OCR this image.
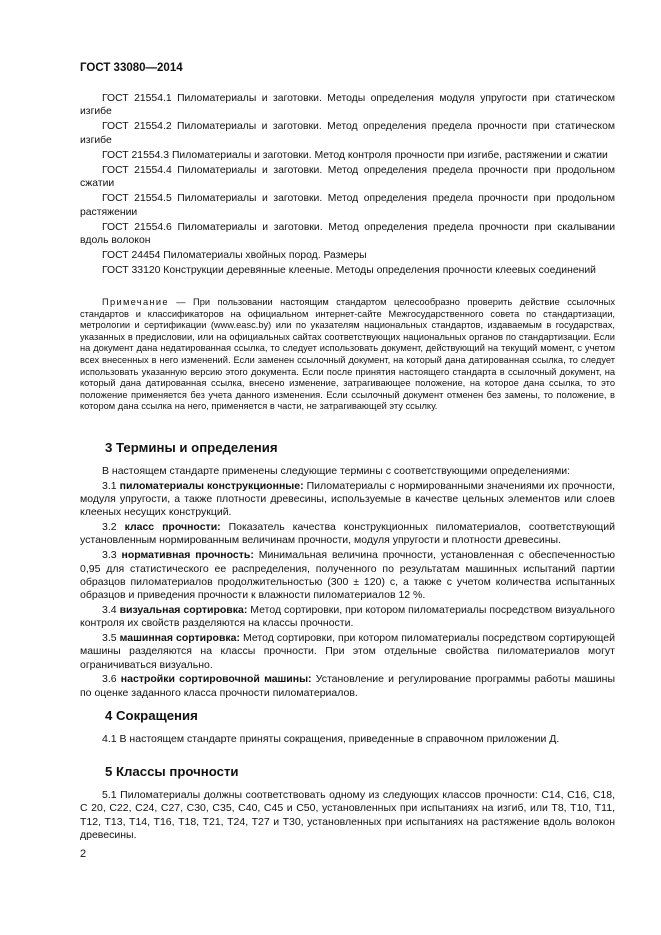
ГОСТ 33080—2014

ГОСТ 21554.1 Пиломатериалы и заготовки. Методы определения модуля упругости при статическом изгибе

ГОСТ 21554.2 Пиломатериалы и заготовки. Метод определения предела прочности при статическом изгибе

ГОСТ 21554.3 Пиломатериалы и заготовки. Метод контроля прочности при изгибе, растяжении и сжатии

ГОСТ 21554.4 Пиломатериалы и заготовки. Метод определения предела прочности при продольном сжатии

ГОСТ 21554.5 Пиломатериалы и заготовки. Метод определения предела прочности при продольном растяжении

ГОСТ 21554.6 Пиломатериалы и заготовки. Метод определения предела прочности при скалывании вдоль волокон

ГОСТ 24454 Пиломатериалы хвойных пород. Размеры

ГОСТ 33120 Конструкции деревянные клееные. Методы определения прочности клеевых соединений

Примечание — При пользовании настоящим стандартом целесообразно проверить действие ссылочных стандартов и классификаторов на официальном интернет-сайте Межгосударственного совета по стандартизации, метрологии и сертификации (www.easc.by) или по указателям национальных стандартов, издаваемым в государствах, указанных в предисловии, или на официальных сайтах соответствующих национальных органов по стандартизации. Если на документ дана недатированная ссылка, то следует использовать документ, действующий на текущий момент, с учетом всех внесенных в него изменений. Если заменен ссылочный документ, на который дана датированная ссылка, то следует использовать указанную версию этого документа. Если после принятия настоящего стандарта в ссылочный документ, на который дана датированная ссылка, внесено изменение, затрагивающее положение, на которое дана ссылка, то это положение применяется без учета данного изменения. Если ссылочный документ отменен без замены, то положение, в котором дана ссылка на него, применяется в части, не затрагивающей эту ссылку.
3 Термины и определения

В настоящем стандарте применены следующие термины с соответствующими определениями:

3.1 пиломатериалы конструкционные: Пиломатериалы с нормированными значениями их прочности, модуля упругости, а также плотности древесины, используемые в качестве цельных элементов или слоев клееных несущих конструкций.

3.2 класс прочности: Показатель качества конструкционных пиломатериалов, соответствующий установленным нормированным величинам прочности, модуля упругости и плотности древесины.

3.3 нормативная прочность: Минимальная величина прочности, установленная с обеспеченностью 0,95 для статистического ее распределения, полученного по результатам машинных испытаний партии образцов пиломатериалов продолжительностью (300 ± 120) с, а также с учетом количества испытанных образцов и приведения прочности к влажности пиломатериалов 12 %.

3.4 визуальная сортировка: Метод сортировки, при котором пиломатериалы посредством визуального контроля их свойств разделяются на классы прочности.

3.5 машинная сортировка: Метод сортировки, при котором пиломатериалы посредством сортирующей машины разделяются на классы прочности. При этом отдельные свойства пиломатериалов могут ограничиваться визуально.

3.6 настройки сортировочной машины: Установление и регулирование программы работы машины по оценке заданного класса прочности пиломатериалов.

4 Сокращения

4.1 В настоящем стандарте приняты сокращения, приведенные в справочном приложении Д.

5 Классы прочности

5.1 Пиломатериалы должны соответствовать одному из следующих классов прочности: С14, С16, С18, С 20, С22, С24, С27, С30, С35, С40, С45 и С50, установленных при испытаниях на изгиб, или Т8, Т10, Т11, Т12, Т13, Т14, Т16, Т18, Т21, Т24, Т27 и Т30, установленных при испытаниях на растяжение вдоль волокон древесины.

2
